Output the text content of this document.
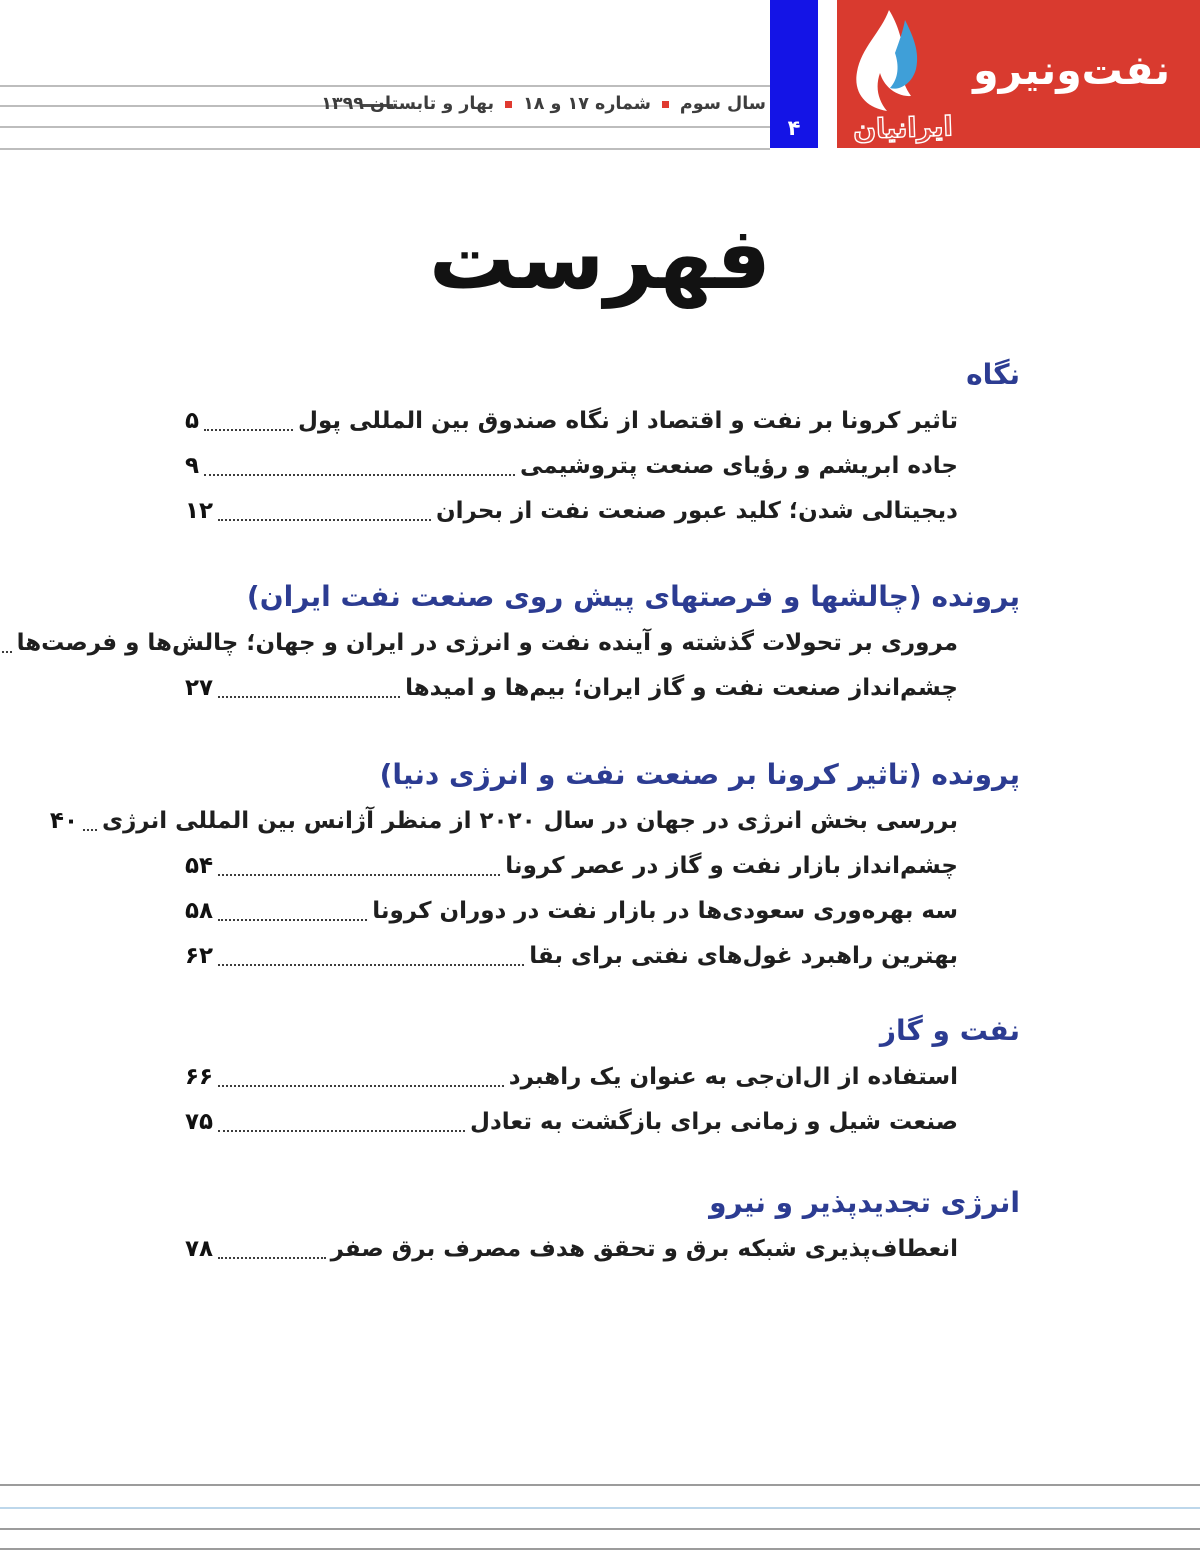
سال سوم
شماره ۱۷ و ۱۸
بهار و تابستان ۱۳۹۹
۴
نفت‌ونیرو
ایرانیان
فهرست
نگاه
تاثیر کرونا بر نفت و اقتصاد از نگاه صندوق بین المللی پول
۵
جاده ابریشم و رؤیای صنعت پتروشیمی
۹
دیجیتالی شدن؛ کلید عبور صنعت نفت از بحران
۱۲
پرونده (چالشها و فرصتهای پیش روی صنعت نفت ایران)
مروری بر تحولات گذشته و آینده نفت و انرژی در ایران و جهان؛ چالش‌ها و فرصت‌ها
چشم‌انداز صنعت نفت و گاز ایران؛ بیم‌ها و امیدها
۲۷
پرونده (تاثیر کرونا بر صنعت نفت و انرژی دنیا)
بررسی بخش انرژی در جهان در سال ۲۰۲۰ از منظر آژانس بین المللی انرژی
۴۰
چشم‌انداز بازار نفت و گاز در عصر کرونا
۵۴
سه بهره‌وری سعودی‌ها در بازار نفت در دوران کرونا
۵۸
بهترین راهبرد غول‌های نفتی برای بقا
۶۲
نفت و گاز
استفاده از ال‌ان‌جی به عنوان یک راهبرد
۶۶
صنعت شیل و زمانی برای بازگشت به تعادل
۷۵
انرژی تجدیدپذیر و نیرو
انعطاف‌پذیری شبکه برق و تحقق هدف مصرف برق صفر
۷۸
